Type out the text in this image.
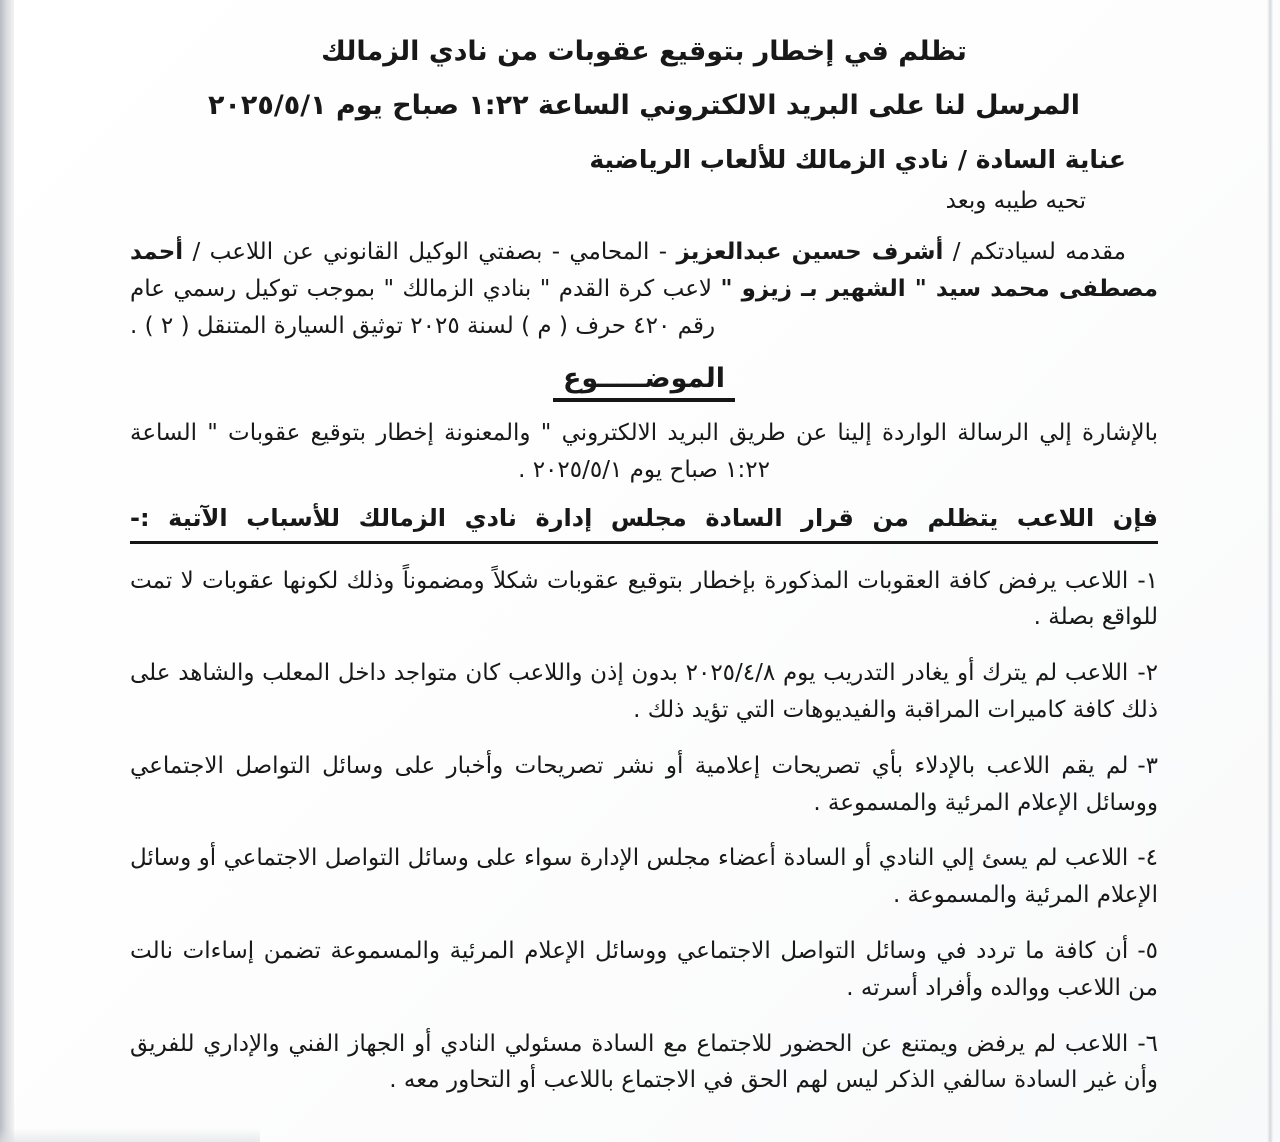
تظلم في إخطار بتوقيع عقوبات من نادي الزمالك
المرسل لنا على البريد الالكتروني الساعة ١:٢٢ صباح يوم ٢٠٢٥/٥/١
عناية السادة / نادي الزمالك للألعاب الرياضية
تحيه طيبه وبعد

مقدمه لسيادتكم / أشرف حسين عبدالعزيز - المحامي - بصفتي الوكيل القانوني عن اللاعب / أحمد مصطفى محمد سيد " الشهير بـ زيزو " لاعب كرة القدم " بنادي الزمالك " بموجب توكيل رسمي عام رقم ٤٢٠ حرف ( م ) لسنة ٢٠٢٥ توثيق السيارة المتنقل ( ٢ ) .

الموضـــــوع

بالإشارة إلي الرسالة الواردة إلينا عن طريق البريد الالكتروني " والمعنونة إخطار بتوقيع عقوبات " الساعة ١:٢٢ صباح يوم ٢٠٢٥/٥/١ .

فإن اللاعب يتظلم من قرار السادة مجلس إدارة نادي الزمالك للأسباب الآتية :-

١-اللاعب يرفض كافة العقوبات المذكورة بإخطار بتوقيع عقوبات شكلاً ومضموناً وذلك لكونها عقوبات لا تمت للواقع بصلة .

٢-اللاعب لم يترك أو يغادر التدريب يوم ٢٠٢٥/٤/٨ بدون إذن واللاعب كان متواجد داخل المعلب والشاهد على ذلك كافة كاميرات المراقبة والفيديوهات التي تؤيد ذلك .

٣-لم يقم اللاعب بالإدلاء بأي تصريحات إعلامية أو نشر تصريحات وأخبار على وسائل التواصل الاجتماعي ووسائل الإعلام المرئية والمسموعة .

٤-اللاعب لم يسئ إلي النادي أو السادة أعضاء مجلس الإدارة سواء على وسائل التواصل الاجتماعي أو وسائل الإعلام المرئية والمسموعة .

٥-أن كافة ما تردد في وسائل التواصل الاجتماعي ووسائل الإعلام المرئية والمسموعة تضمن إساءات نالت من اللاعب ووالده وأفراد أسرته .

٦-اللاعب لم يرفض ويمتنع عن الحضور للاجتماع مع السادة مسئولي النادي أو الجهاز الفني والإداري للفريق وأن غير السادة سالفي الذكر ليس لهم الحق في الاجتماع باللاعب أو التحاور معه .
